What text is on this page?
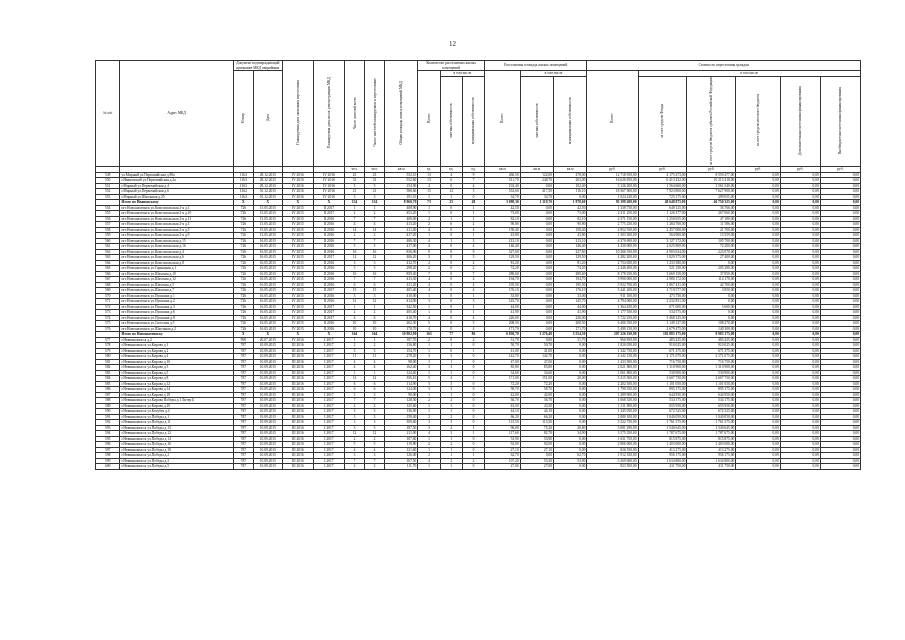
12
№ п/п	Адрес МКД	Документ подтверждающий признание МКД аварийным		Планируемая дата окончания переселения	Планируемая дата сноса/ реконструкции МКД	Число жителей всего	Число жителей планируемых к переселению	Общая площадь жилых помещений МКД	Количество расселяемых жилых помещений			Расселяемая площадь жилых помещений			Стоимость переселения граждан					
		Номер	Дата						Всего:	в том числе		Всего:	в том числе		Всего:	в том числе				
										частная собственность	муниципальная собственность		частная собственность	муниципальная собственность		за счет средств Фонда	за счет средств бюджета субъекта Российской Федерации	за счет средств местного бюджета	Дополнительные источники финансирования	Внебюджетные источники финансирования
						чел.	чел.	кв.м	ед.	ед.	ед.	кв.м	кв.м	кв.м	руб.	руб.	руб.	руб.	руб.	руб.
549	ул.Мирный ул.Первомайская д.98а	1162	28.12.2015	IV 2016	IV 2016	23	23	552,10	13	4	9	466,50	122,00	278,00	12 718 950,00	4 175 473,00	8 559 477,00	0,00	0,00	0,00
550	г.Ивановский ул.Первомайская д.2а	1163	28.12.2015	IV 2016	IV 2016	31	31	552,60	13	6	7	511,70	248,70	263,00	16 626 850,00	6 413 432,00	10 213 418,00	0,00	0,00	0,00
551	г.Мирный ул.Первомайская д.4	1163	28.12.2015	IV 2016	IV 2016	5	5	154,90	4	0	4	102,40	0,00	102,40	3 126 200,00	1 564 660,00	1 561 540,00	0,00	0,00	0,00
552	г.Мирный ул.Первомайская д.6	1162	01.12.2015	IV 2016	IV 2016	21	21	586,66	15	12	3	533,60	417,50	116,10	18 567 900,00	7 923 800,00	7 627 900,00	0,00	0,00	0,00
553	г.Мирный ул.Школьная д.25	1162	01.12.2015	IV 2016	IV 2016	3	3	191,10	1	1	0	34,70	34,70	0,00	1 024 230,00	725 175,00	299 055,00	0,00	0,00	0,00
	Итого по Ивановскому	X	X	X	X	154	154	8 960,70	73	25	48	3 098,30	1 119,70	1 978,60	95 399 200,00	48 648 875,00	46 750 325,00	0,00	0,00	0,00
554	пгт.Новошахтинск ул.Комсомольская 2-я д.1	726	15.05.2015	IV 2015	II 2017	1	1	408,90	1	0	1	42,50	0,00	42,50	1 338 750,00	648 125,00	36 766,00	0,00	0,00	0,00
555	пгт.Новошахтинск ул.Комсомольская 2-я д.10	726	15.05.2015	IV 2015	II 2017	2	2	453,20	1	0	1	73,00	0,00	73,00	2 411 250,00	1 126 377,00	267 060,00	0,00	0,00	0,00
556	пгт.Новошахтинск ул.Комсомольская 2-я д.11	726	15.05.2015	IV 2015	II 2016	7	7	408,00	2	1	1	82,10	0,00	82,10	2 571 150,00	1 250 655,00	47 180,00	0,00	0,00	0,00
557	пгт.Новошахтинск ул.Комсомольская 2-я д.3	726	15.05.2015	IV 2015	II 2016	4	4	413,20	2	0	2	90,80	0,00	90,80	2 775 250,00	1 284 760,00	11 586,00	0,00	0,00	0,00
558	пгт.Новошахтинск ул.Комсомольская 2-я д.5	726	15.05.2015	IV 2015	II 2016	14	14	411,40	4	0	4	158,40	0,00	158,40	4 852 550,00	2 457 000,00	21 700,00	0,00	0,00	0,00
559	пгт.Новошахтинск ул.Комсомольская 2-я д.9	726	15.05.2015	IV 2015	II 2016	2	2	417,20	1	0	1	43,80	0,00	43,80	1 303 300,00	564 900,00	13 559,00	0,00	0,00	0,00
560	пгт.Новошахтинск ул.Комсомольская д.15	726	16.05.2015	IV 2015	II 2016	7	7	406,30	4	1	3	213,10	0,00	213,10	6 370 690,00	3 127 172,00	105 700,00	0,00	0,00	0,00
561	пгт.Новошахтинск ул.Комсомольская д.16	726	16.05.2015	IV 2015	II 2016	5	5	417,00	4	0	4	146,40	0,00	146,40	4 430 000,00	2 025 800,00	72 200,00	0,00	0,00	0,00
562	пгт.Новошахтинск ул.Комсомольская д.4	726	16.05.2015	IV 2015	II 2016	16	16	836,90	9	0	9	327,60	0,00	327,60	10 266 350,00	4 903 634,00	223 070,00	0,00	0,00	0,00
563	пгт.Новошахтинск ул.Комсомольская д.6	726	16.05.2015	IV 2015	II 2017	12	12	406,20	3	0	3	129,50	0,00	129,50	4 282 200,00	1 829 375,00	27 400,00	0,00	0,00	0,00
564	пгт.Новошахтинск ул.Комсомольская д.8	726	16.05.2015	IV 2015	II 2016	3	3	412,70	2	0	2	81,20	0,00	81,20	2 754 650,00	1 233 380,00	0,00	0,00	0,00	0,00
565	пгт.Новошахтинск ул.Горняцкая д.1	726	16.05.2015	IV 2015	II 2016	3	3	298,20	2	0	2	74,20	0,00	74,20	2 446 400,00	521 150,00	205 280,00	0,00	0,00	0,00
566	пгт.Новошахтинск ул.Шахтная д.10	726	16.05.2015	IV 2015	II 2016	16	16	859,40	7	0	7	280,60	0,00	280,60	8 178 250,00	3 669 150,00	37 850,00	0,00	0,00	0,00
567	пгт.Новошахтинск ул.Шахтная д.12	726	16.05.2015	IV 2015	II 2016	7	7	413,30	4	0	4	194,70	0,00	194,70	5 990 000,00	2 980 172,00	114 170,00	0,00	0,00	0,00
568	пгт.Новошахтинск ул.Шахтная д.5	726	16.05.2015	IV 2015	II 2016	6	6	411,20	4	0	4	195,50	0,00	195,50	5 922 700,00	2 867 431,00	42 700,00	0,00	0,00	0,00
569	пгт.Новошахтинск ул.Шахтная д.7	726	16.05.2015	IV 2015	II 2017	15	15	405,40	4	0	4	176,10	0,00	176,10	5 441 200,00	2 719 577,00	3 850,00	0,00	0,00	0,00
570	пгт.Новошахтинск ул.Пушкина д.1	726	16.05.2015	IV 2015	II 2016	3	3	410,00	1	0	1	33,00	0,00	33,00	911 100,00	473 750,00	0,00	0,00	0,00	0,00
571	пгт.Новошахтинск ул.Пушкина д.2	726	16.05.2015	IV 2015	II 2016	12	12	414,90	3	0	3	145,70	0,00	145,70	4 794 000,00	2 232 851,00	0,00	0,00	0,00	0,00
572	пгт.Новошахтинск ул.Пушкина д.3	726	16.05.2015	IV 2015	II 2017	1	1	342,50	1	0	1	44,00	0,00	44,00	1 364 450,00	671 000,00	5 600,00	0,00	0,00	0,00
573	пгт.Новошахтинск ул.Пушкина д.6	726	16.05.2015	IV 2015	II 2017	2	2	405,40	1	0	1	41,90	0,00	41,90	1 177 550,00	534 575,00	0,00	0,00	0,00	0,00
574	пгт.Новошахтинск ул.Пушкина д.8	726	16.05.2015	IV 2015	II 2017	6	6	410,70	4	0	4	226,00	0,00	226,00	5 722 250,00	3 468 125,00	0,00	0,00	0,00	0,00
575	пгт.Новошахтинск ул.Спасская д.5	726	16.05.2015	IV 2015	II 2016	10	10	262,30	5	0	5	208,50	0,00	208,50	6 406 550,00	3 149 127,00	108 270,00	0,00	0,00	0,00
576	пгт.Новошахтинск ул.Школьная д.2	726	16.05.2015	IV 2015	II 2016	10	10	170,70	4	0	4	171,70	0,00	171,70	5 490 150,00	2 679 475,00	140 300,00	0,00	0,00	0,00
	Итого по Новошахтинску	X	X	X	X	164	164	10 902,90	163	77	86	6 830,70	3 276,40	3 554,30	207 226 350,00	102 883 175,00	8 983 175,00	0,00	0,00	0,00
577	г.Невинномысск д.2	990	20.07.2015	IV 2016	I 2017	1	1	187,70	2	0	2	31,70	0,00	31,70	966 850,00	483 425,00	483 425,00	0,00	0,00	0,00
578	г.Невинномысск ул.Кирова д.1	787	10.09.2015	III 2016	I 2017	2	2	136,80	1	1	0	50,70	50,70	0,00	1 820 050,00	910 025,00	910 025,00	0,00	0,00	0,00
579	г.Невинномысск ул.Кирова д.2	787	10.09.2015	III 2016	I 2017	3	3	154,70	1	0	1	41,00	41,00	0,00	1 342 750,00	671 375,00	671 375,00	0,00	0,00	0,00
580	г.Невинномысск ул.Кирова д.4	787	10.09.2015	III 2016	I 2017	11	11	278,20	3	3	0	142,70	142,70	0,00	4 342 150,00	2 171 075,00	2 171 075,00	0,00	0,00	0,00
581	г.Невинномысск ул.Кирова д.16	787	10.09.2015	III 2016	I 2017	4	4	98,00	1	1	0	47,00	47,00	0,00	1 433 500,00	716 750,00	716 750,00	0,00	0,00	0,00
582	г.Невинномысск ул.Кирова д.3	787	10.09.2015	III 2016	I 2017	4	4	162,40	3	3	0	85,80	85,80	0,00	2 621 800,00	1 310 900,00	1 310 900,00	0,00	0,00	0,00
583	г.Невинномысск ул.Кирова д.5	787	10.09.2015	III 2016	I 2017	1	1	124,40	1	1	0	34,60	34,60	0,00	1 061 800,00	530 900,00	530 900,00	0,00	0,00	0,00
584	г.Невинномысск ул.Кирова д.8	787	10.09.2015	III 2016	I 2017	12	12	356,10	5	4	1	171,00	151,00	20,00	5 215 500,00	2 607 750,00	2 607 750,00	0,00	0,00	0,00
585	г.Невинномысск ул.Кирова д.12	787	10.09.2015	III 2016	I 2017	6	6	114,90	3	3	0	72,20	72,20	0,00	2 202 100,00	1 101 050,00	1 101 050,00	0,00	0,00	0,00
586	г.Невинномысск ул.Кирова д.14	787	10.09.2015	III 2016	I 2017	6	6	124,00	3	3	0	58,70	58,70	0,00	1 790 350,00	895 175,00	895 175,00	0,00	0,00	0,00
587	г.Невинномысск ул.Кирова д.18	787	10.09.2015	III 2016	I 2017	3	3	90,00	1	1	0	42,00	42,00	0,00	1 289 900,00	644 950,00	644 950,00	0,00	0,00	0,00
588	г.Невинномысск ул.Кирова Победы д.1 Литер Б	787	10.09.2015	III 2016	I 2017	7	7	128,50	2	2	0	36,70	36,70	0,00	1 068 350,00	534 175,00	534 175,00	0,00	0,00	0,00
589	г.Невинномысск ул.Кирова д.20	787	10.09.2015	III 2016	I 2017	2	2	125,60	1	1	0	43,50	43,50	0,00	1 311 900,00	655 950,00	655 950,00	0,00	0,00	0,00
590	г.Невинномысск ул.Кочубея д.4	787	10.09.2015	III 2016	I 2017	3	3	136,90	1	1	0	44,10	44,10	0,00	1 345 050,00	672 525,00	672 525,00	0,00	0,00	0,00
591	г.Невинномысск ул.Победы д.1	787	10.09.2015	III 2016	I 2017	3	3	158,40	2	2	0	66,20	66,20	0,00	2 080 100,00	1 040 050,00	1 040 050,00	0,00	0,00	0,00
592	г.Невинномысск ул.Победы д.11	787	10.09.2015	III 2016	I 2017	3	3	309,60	3	3	0	115,50	115,50	0,00	3 522 750,00	1 761 375,00	1 761 375,00	0,00	0,00	0,00
593	г.Невинномысск ул.Победы д.13	787	10.09.2015	III 2016	I 2017	3	3	187,50	3	2	1	96,00	75,20	20,80	3 081 290,00	1 540 645,00	1 540 645,00	0,00	0,00	0,00
594	г.Невинномысск ул.Победы д.12	787	10.09.2015	III 2016	I 2017	12	12	211,00	4	3	1	117,60	82,70	34,90	3 575 350,00	1 787 675,00	1 787 675,00	0,00	0,00	0,00
595	г.Невинномысск ул.Победы д.14	787	10.09.2015	III 2016	I 2017	2	2	107,60	1	1	0	53,90	53,90	0,00	1 631 750,00	815 875,00	815 875,00	0,00	0,00	0,00
596	г.Невинномысск ул.Победы д.16	787	10.09.2015	III 2016	I 2017	5	5	119,80	2	2	0	92,00	92,00	0,00	2 806 000,00	1 403 000,00	1 403 000,00	0,00	0,00	0,00
597	г.Невинномысск ул.Победы д.18	787	10.09.2015	III 2016	I 2017	4	4	121,60	1	1	0	27,10	27,10	0,00	826 550,00	413 275,00	413 275,00	0,00	0,00	0,00
598	г.Невинномысск ул.Победы д.2	787	10.09.2015	III 2016	I 2017	3	3	126,00	2	1	1	62,70	0,00	62,70	1 912 350,00	956 175,00	956 175,00	0,00	0,00	0,00
599	г.Невинномысск ул.Победы д.3	787	10.09.2015	III 2016	I 2017	7	7	167,50	4	2	2	107,20	53,30	53,90	3 269 600,00	1 634 800,00	1 634 800,00	0,00	0,00	0,00
600	г.Невинномысск ул.Победы д.5	787	10.09.2015	III 2016	I 2017	2	2	111,70	1	1	0	27,00	27,00	0,00	823 500,00	411 750,00	411 750,00	0,00	0,00	0,00
